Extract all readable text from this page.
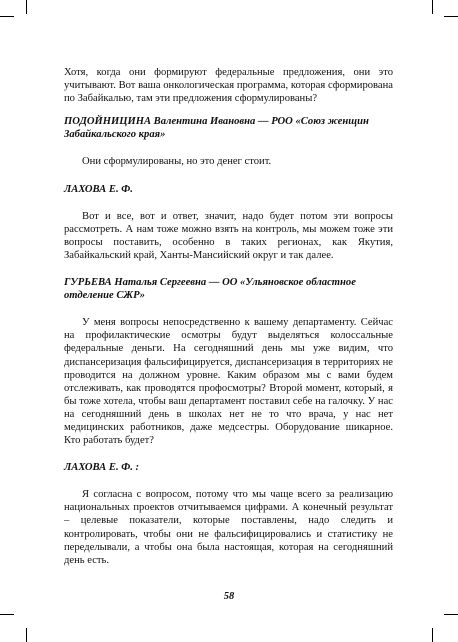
Хотя, когда они формируют федеральные предложения, они это учитывают. Вот ваша онкологическая программа, которая сформирована по Забайкалью, там эти предложения сформулированы?

ПОДОЙНИЦИНА Валентина Ивановна — РОО «Союз женщин Забайкальского края»

Они сформулированы, но это денег стоит.

ЛАХОВА Е. Ф.

Вот и все, вот и ответ, значит, надо будет потом эти вопросы рассмотреть. А нам тоже можно взять на контроль, мы можем тоже эти вопросы поставить, особенно в таких регионах, как Якутия, Забайкальский край, Ханты-Мансийский округ и так далее.

ГУРЬЕВА Наталья Сергеевна — ОО «Ульяновское областное отделение СЖР»

У меня вопросы непосредственно к вашему департаменту. Сейчас на профилактические осмотры будут выделяться колоссальные федеральные деньги. На сегодняшний день мы уже видим, что диспансеризация фальсифицируется, диспансеризация в территориях не проводится на должном уровне. Каким образом мы с вами будем отслеживать, как проводятся профосмотры? Второй момент, который, я бы тоже хотела, чтобы ваш департамент поставил себе на галочку. У нас на сегодняшний день в школах нет не то что врача, у нас нет медицинских работников, даже медсестры. Оборудование шикарное. Кто работать будет?

ЛАХОВА Е. Ф. :

Я согласна с вопросом, потому что мы чаще всего за реализацию национальных проектов отчитываемся цифрами. А конечный результат – целевые показатели, которые поставлены, надо следить и контролировать, чтобы они не фальсифицировались и статистику не переделывали, а чтобы она была настоящая, которая на сегодняшний день есть.

58
